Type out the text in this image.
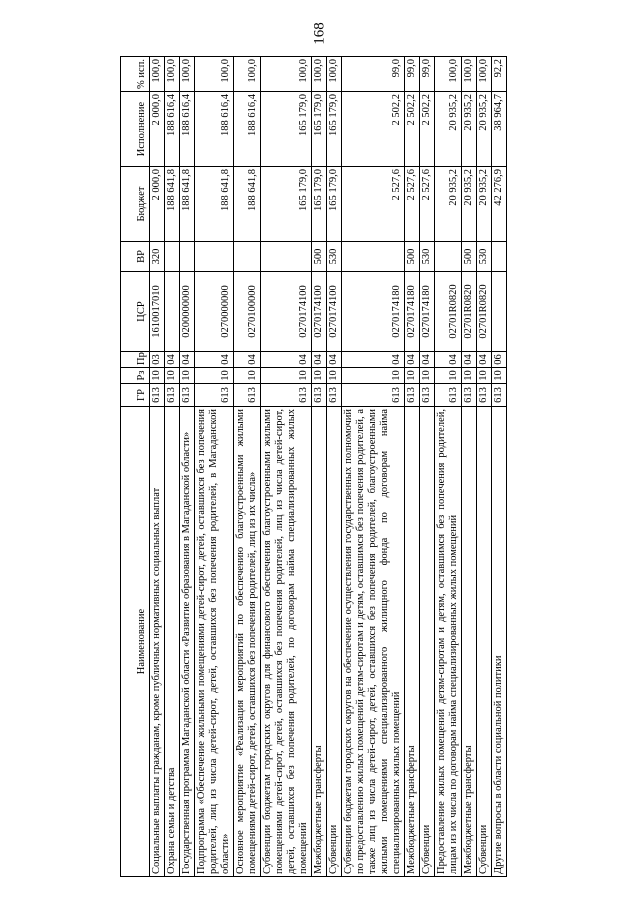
168
Наименование	ГР	Рз	Пр	ЦСР	ВР	Бюджет	Исполнение	% исп.
Социальные выплаты гражданам, кроме публичных нормативных социальных выплат	613	10	03	1610017010	320	2 000,0	2 000,0	100,0
Охрана семьи и детства	613	10	04			188 641,8	188 616,4	100,0
Государственная программа Магаданской области «Развитие образования в Магаданской области»	613	10	04	0200000000		188 641,8	188 616,4	100,0
Подпрограмма «Обеспечение жильными помещениями детей-сирот, детей, оставшихся без попечения родителей, лиц из числа детей-сирот, детей, оставшихся без попечения родителей, в Магаданской области»	613	10	04	0270000000		188 641,8	188 616,4	100,0
Основное мероприятие «Реализация мероприятий по обеспечению благоустроенными жилыми помещениями детей-сирот, детей, оставшихся без попечения родителей, лиц из их числа»	613	10	04	0270100000		188 641,8	188 616,4	100,0
Субвенции бюджетам городских округов для финансового обеспечения благоустроенными жилыми помещениями детей-сирот, детей, оставшихся без попечения родителей, лиц из числа детей-сирот, детей, оставшихся без попечения родителей, по договорам найма специализированных жилых помещений	613	10	04	0270174100		165 179,0	165 179,0	100,0
Межбюджетные трансферты	613	10	04	0270174100	500	165 179,0	165 179,0	100,0
Субвенции	613	10	04	0270174100	530	165 179,0	165 179,0	100,0
Субвенции бюджетам городских округов на обеспечение осуществления государственных полномочий по предоставлению жилых помещений детям-сиротам и детям, оставшимся без попечения родителей, а также лиц из числа детей-сирот, детей, оставшихся без попечения родителей, благоустроенными жилыми помещениями специализированного жилищного фонда по договорам найма специализированных жилых помещений	613	10	04	0270174180		2 527,6	2 502,2	99,0
Межбюджетные трансферты	613	10	04	0270174180	500	2 527,6	2 502,2	99,0
Субвенции	613	10	04	0270174180	530	2 527,6	2 502,2	99,0
Предоставление жилых помещений детям-сиротам и детям, оставшимся без попечения родителей, лицам из их числа по договорам найма специализированных жилых помещений	613	10	04	02701R0820		20 935,2	20 935,2	100,0
Межбюджетные трансферты	613	10	04	02701R0820	500	20 935,2	20 935,2	100,0
Субвенции	613	10	04	02701R0820	530	20 935,2	20 935,2	100,0
Другие вопросы в области социальной политики	613	10	06			42 276,9	38 964,7	92,2
